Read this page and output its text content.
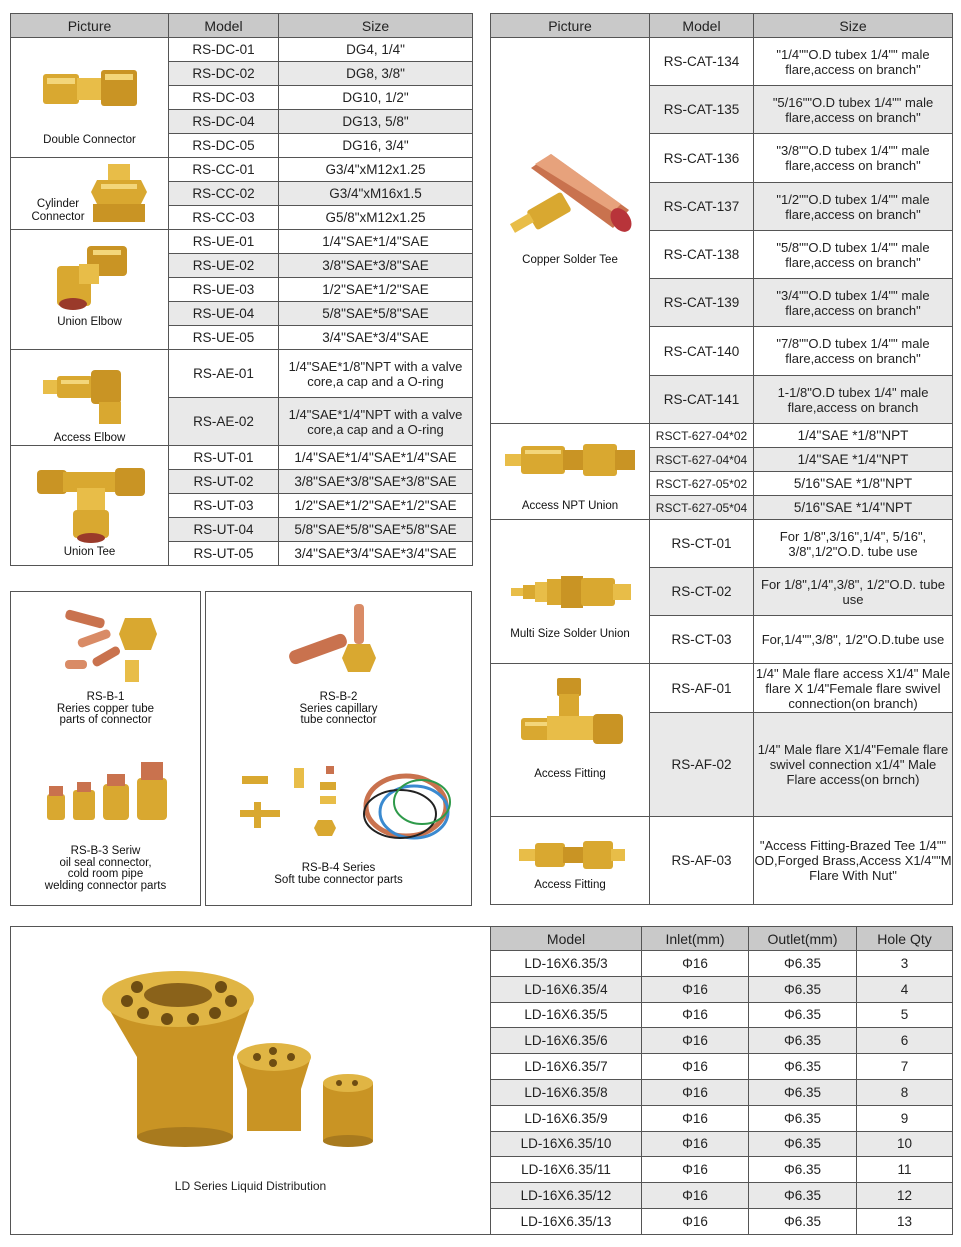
Picture	Model	Size

Double Connector	RS-DC-01	DG4, 1/4"
	RS-DC-02	DG8, 3/8"
	RS-DC-03	DG10, 1/2"
	RS-DC-04	DG13, 5/8"
	RS-DC-05	DG16, 3/4"

Cylinder Connector	RS-CC-01	G3/4"xM12x1.25
	RS-CC-02	G3/4"xM16x1.5
	RS-CC-03	G5/8"xM12x1.25

Union Elbow	RS-UE-01	1/4"SAE*1/4"SAE
	RS-UE-02	3/8"SAE*3/8"SAE
	RS-UE-03	1/2"SAE*1/2"SAE
	RS-UE-04	5/8"SAE*5/8"SAE
	RS-UE-05	3/4"SAE*3/4"SAE

Access Elbow	RS-AE-01	1/4"SAE*1/8"NPT with a valve core,a cap and a O-ring
	RS-AE-02	1/4"SAE*1/4"NPT with a valve core,a cap and a O-ring

Union Tee	RS-UT-01	1/4"SAE*1/4"SAE*1/4"SAE
	RS-UT-02	3/8"SAE*3/8"SAE*3/8"SAE
	RS-UT-03	1/2"SAE*1/2"SAE*1/2"SAE
	RS-UT-04	5/8"SAE*5/8"SAE*5/8"SAE
	RS-UT-05	3/4"SAE*3/4"SAE*3/4"SAE
Picture	Model	Size

Copper Solder Tee	RS-CAT-134	"1/4""O.D tubex 1/4"" male flare,access on branch"
	RS-CAT-135	"5/16""O.D tubex 1/4"" male flare,access on branch"
	RS-CAT-136	"3/8""O.D tubex 1/4"" male flare,access on branch"
	RS-CAT-137	"1/2""O.D tubex 1/4"" male flare,access on branch"
	RS-CAT-138	"5/8""O.D tubex 1/4"" male flare,access on branch"
	RS-CAT-139	"3/4""O.D tubex 1/4"" male flare,access on branch"
	RS-CAT-140	"7/8""O.D tubex 1/4"" male flare,access on branch"
	RS-CAT-141	1-1/8"O.D tubex 1/4" male flare,access on branch

Access NPT Union	RSCT-627-04*02	1/4''SAE *1/8''NPT
	RSCT-627-04*04	1/4''SAE *1/4''NPT
	RSCT-627-05*02	5/16''SAE *1/8''NPT
	RSCT-627-05*04	5/16''SAE *1/4''NPT

Multi Size Solder Union	RS-CT-01	For 1/8",3/16",1/4", 5/16", 3/8",1/2"O.D. tube use
	RS-CT-02	For 1/8",1/4",3/8", 1/2"O.D. tube use
	RS-CT-03	For,1/4"",3/8", 1/2"O.D.tube use

Access Fitting	RS-AF-01	1/4" Male flare access X1/4" Male flare X 1/4"Female flare swivel connection(on branch)
	RS-AF-02	1/4" Male flare X1/4"Female flare swivel connection x1/4" Male Flare access(on brnch)

Access Fitting	RS-AF-03	"Access Fitting-Brazed Tee 1/4"" OD,Forged Brass,Access X1/4""M Flare With Nut"
RS-B-1
Reries copper tube
parts of connector
RS-B-3 Seriw
oil seal connector,
cold room pipe
welding connector parts
RS-B-2
Series capillary
tube connector
RS-B-4 Series
Soft tube connector parts
LD Series Liquid Distribution
Model	Inlet(mm)	Outlet(mm)	Hole Qty
LD-16X6.35/3	Φ16	Φ6.35	3
LD-16X6.35/4	Φ16	Φ6.35	4
LD-16X6.35/5	Φ16	Φ6.35	5
LD-16X6.35/6	Φ16	Φ6.35	6
LD-16X6.35/7	Φ16	Φ6.35	7
LD-16X6.35/8	Φ16	Φ6.35	8
LD-16X6.35/9	Φ16	Φ6.35	9
LD-16X6.35/10	Φ16	Φ6.35	10
LD-16X6.35/11	Φ16	Φ6.35	11
LD-16X6.35/12	Φ16	Φ6.35	12
LD-16X6.35/13	Φ16	Φ6.35	13
